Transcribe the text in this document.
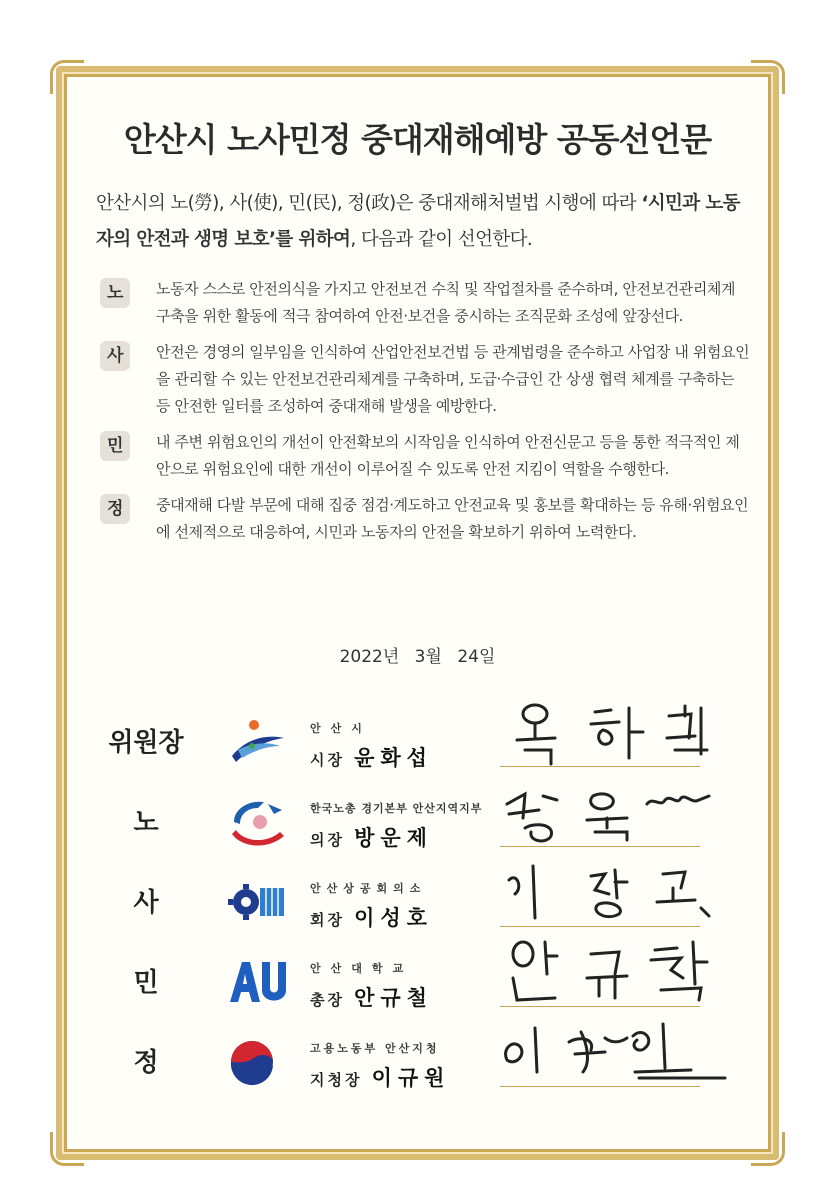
안산시 노사민정 중대재해예방 공동선언문

안산시의 노(勞), 사(使), 민(民), 정(政)은 중대재해처벌법 시행에 따라 ‘시민과 노동자의 안전과 생명 보호’를 위하여, 다음과 같이 선언한다.

노	노동자 스스로 안전의식을 가지고 안전보건 수칙 및 작업절차를 준수하며, 안전보건관리체계 구축을 위한 활동에 적극 참여하여 안전·보건을 중시하는 조직문화 조성에 앞장선다.
사	안전은 경영의 일부임을 인식하여 산업안전보건법 등 관계법령을 준수하고 사업장 내 위험요인을 관리할 수 있는 안전보건관리체계를 구축하며, 도급·수급인 간 상생 협력 체계를 구축하는 등 안전한 일터를 조성하여 중대재해 발생을 예방한다.
민	내 주변 위험요인의 개선이 안전확보의 시작임을 인식하여 안전신문고 등을 통한 적극적인 제안으로 위험요인에 대한 개선이 이루어질 수 있도록 안전 지킴이 역할을 수행한다.
정	중대재해 다발 부문에 대해 집중 점검·계도하고 안전교육 및 홍보를 확대하는 등 유해·위험요인에 선제적으로 대응하여, 시민과 노동자의 안전을 확보하기 위하여 노력한다.
2022년 3월 24일
위원장	안산시
시장 윤화섭
노	한국노총 경기본부 안산지역지부
의장 방운제
사	안산상공회의소
회장 이성호
민	안산대학교
총장 안규철
정	고용노동부 안산지청
지청장 이규원
